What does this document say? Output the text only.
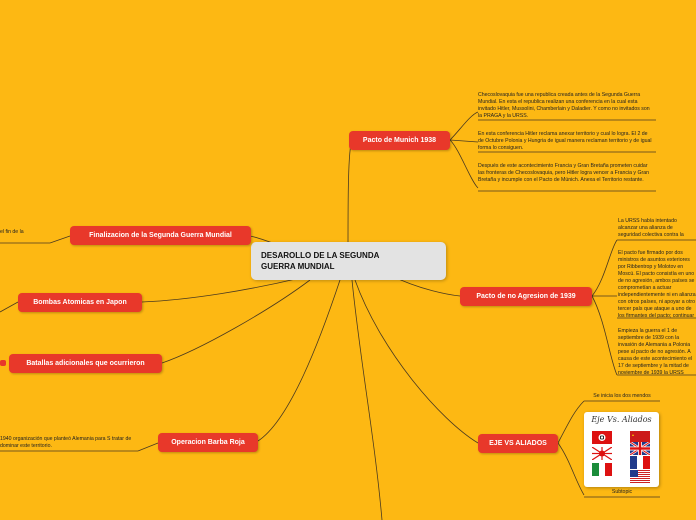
DESAROLLO DE LA SEGUNDA GUERRA MUNDIAL
Pacto de Munich 1938
Pacto de no Agresion de 1939
EJE VS ALIADOS
Finalizacion de la Segunda Guerra Mundial
Bombas Atomicas en Japon
Batallas adicionales que ocurrieron
Operacion Barba Roja
Checoslovaquia fue una republica creada antes de la Segunda Guerra Mundial. En esta el republica realizan una conferencia en la cual esta invitado Hitler, Mussolini, Chamberlain y Daladier. Y como no invitados son la PRAGA y la URSS.
En esta conferencia Hitler reclama anexar territorio y cual lo logra. El 2 de de Octubre Polonia y Hungria de igual manera reclaman territorio y de igual forma lo consiguen.
Después de este acontecimiento Francia y Gran Bretaña prometen cuidar las fronteras de Checoslovaquia, pero Hitler logra vencer a Francia y Gran Bretaña y incumple con el Pacto de Múnich. Anexa el Territorio restante.
La URSS había intentado alcanzar una alianza de seguridad colectiva contra la
El pacto fue firmado por dos ministros de asuntos exteriores por Ribbentrop y Molotov en Moscú. El pacto consistía en uno de no agresión, ambos países se comprometían a actuar independientemente ni en alianza con otros países, ni apoyar a otro tercer país que ataque a uno de los firmantes del pacto; continuar
Empieza la guerra el 1 de septiembre de 1939 con la invasión de Alemania a Polonia pese al pacto de no agresión. A causa de este acontecimiento el 17 de septiembre y la mitad de noviembre de 1939 la URSS
Se inicia los dos mendos
Eje Vs. Aliados
Subtopic
el fin de la
1940 organización que planteó Alemania para S tratar de dominar este territorio.
